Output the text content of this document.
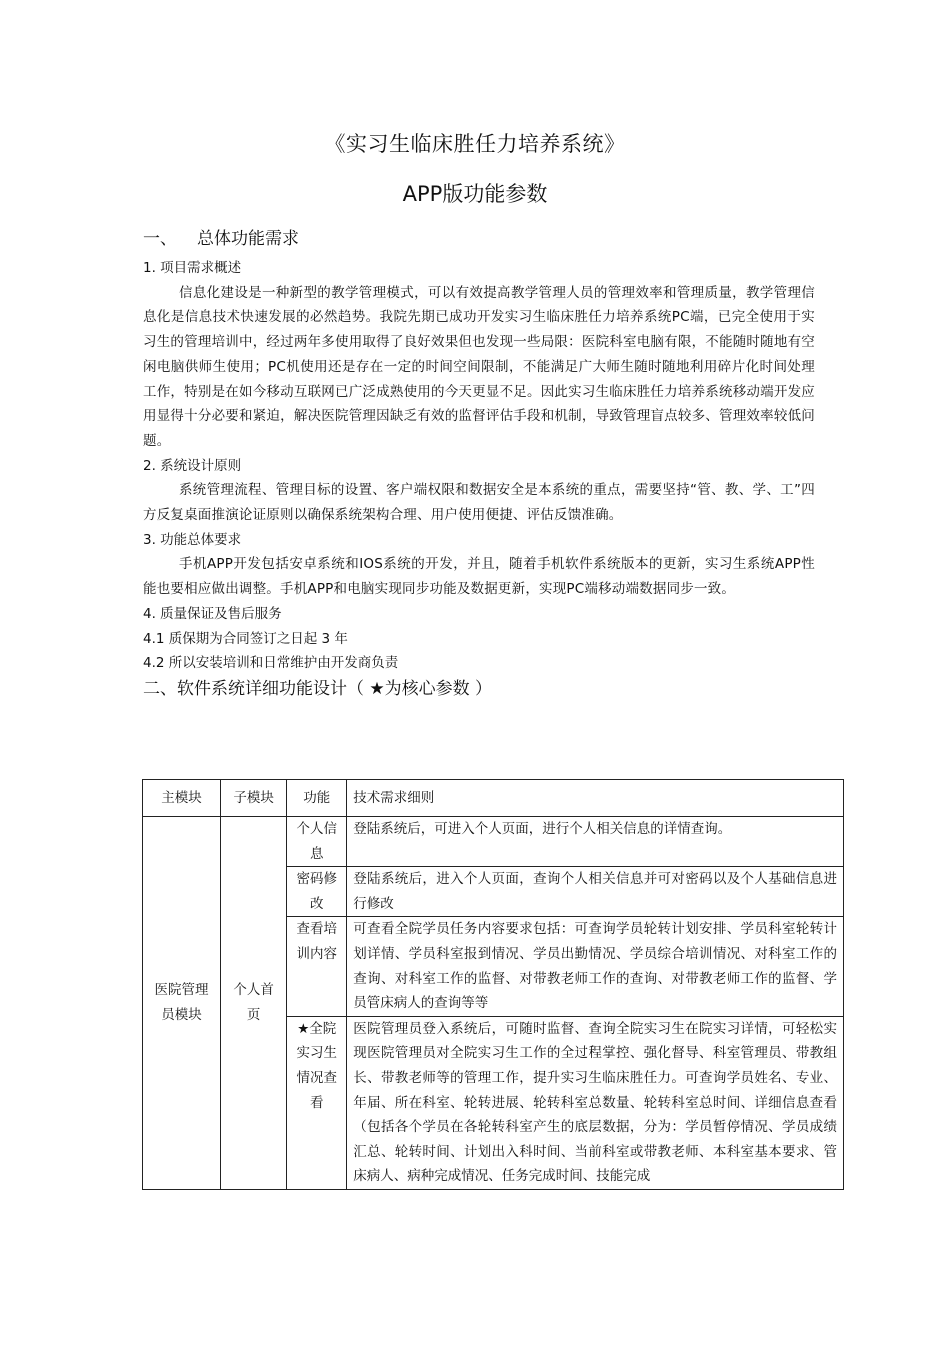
《实习生临床胜任力培养系统》
APP版功能参数
一、 总体功能需求
1. 项目需求概述
信息化建设是一种新型的教学管理模式，可以有效提高教学管理人员的管理效率和管理质量，教学管理信息化是信息技术快速发展的必然趋势。我院先期已成功开发实习生临床胜任力培养系统PC端，已完全使用于实习生的管理培训中，经过两年多使用取得了良好效果但也发现一些局限：医院科室电脑有限，不能随时随地有空闲电脑供师生使用；PC机使用还是存在一定的时间空间限制，不能满足广大师生随时随地利用碎片化时间处理工作，特别是在如今移动互联网已广泛成熟使用的今天更显不足。因此实习生临床胜任力培养系统移动端开发应用显得十分必要和紧迫，解决医院管理因缺乏有效的监督评估手段和机制，导致管理盲点较多、管理效率较低问题。
2. 系统设计原则
系统管理流程、管理目标的设置、客户端权限和数据安全是本系统的重点，需要坚持“管、教、学、工”四方反复桌面推演论证原则以确保系统架构合理、用户使用便捷、评估反馈准确。
3. 功能总体要求
手机APP开发包括安卓系统和IOS系统的开发，并且，随着手机软件系统版本的更新，实习生系统APP性能也要相应做出调整。手机APP和电脑实现同步功能及数据更新，实现PC端移动端数据同步一致。
4. 质量保证及售后服务
4.1 质保期为合同签订之日起 3 年
4.2 所以安装培训和日常维护由开发商负责
二、软件系统详细功能设计（ ★为核心参数 ）
主模块	子模块	功能	技术需求细则
医院管理员模块	个人首页	个人信息	登陆系统后，可进入个人页面，进行个人相关信息的详情查询。
		密码修改	登陆系统后，进入个人页面，查询个人相关信息并可对密码以及个人基础信息进行修改
		查看培训内容	可查看全院学员任务内容要求包括：可查询学员轮转计划安排、学员科室轮转计划详情、学员科室报到情况、学员出勤情况、学员综合培训情况、对科室工作的查询、对科室工作的监督、对带教老师工作的查询、对带教老师工作的监督、学员管床病人的查询等等
		★全院实习生情况查看	医院管理员登入系统后，可随时监督、查询全院实习生在院实习详情，可轻松实现医院管理员对全院实习生工作的全过程掌控、强化督导、科室管理员、带教组长、带教老师等的管理工作，提升实习生临床胜任力。可查询学员姓名、专业、年届、所在科室、轮转进展、轮转科室总数量、轮转科室总时间、详细信息查看（包括各个学员在各轮转科室产生的底层数据，分为：学员暂停情况、学员成绩汇总、轮转时间、计划出入科时间、当前科室或带教老师、本科室基本要求、管床病人、病种完成情况、任务完成时间、技能完成
